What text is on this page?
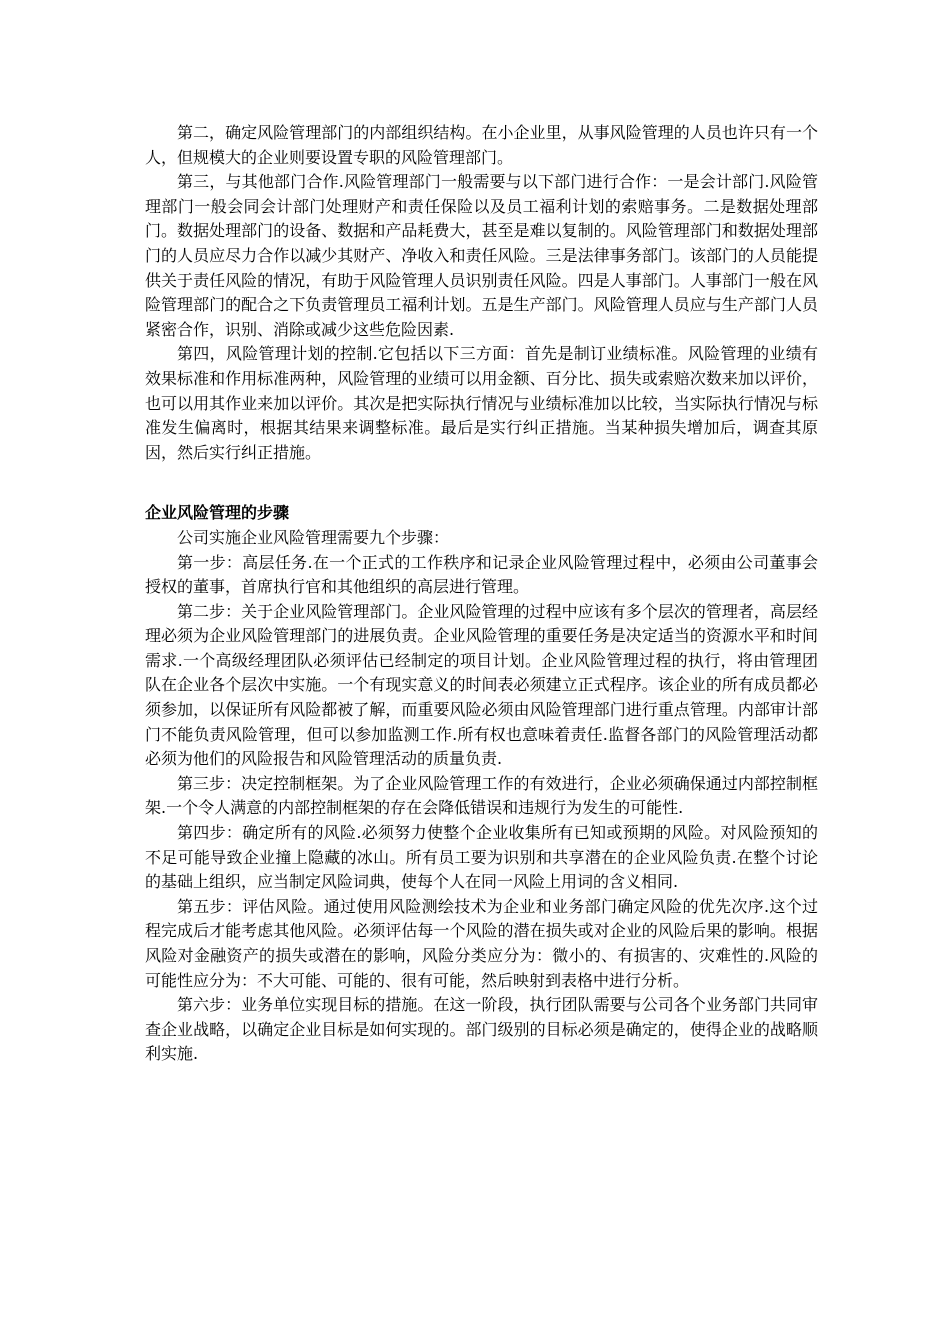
第二，确定风险管理部门的内部组织结构。在小企业里，从事风险管理的人员也许只有一个人，但规模大的企业则要设置专职的风险管理部门。

第三，与其他部门合作.风险管理部门一般需要与以下部门进行合作：一是会计部门.风险管理部门一般会同会计部门处理财产和责任保险以及员工福利计划的索赔事务。二是数据处理部门。数据处理部门的设备、数据和产品耗费大，甚至是难以复制的。风险管理部门和数据处理部门的人员应尽力合作以减少其财产、净收入和责任风险。三是法律事务部门。该部门的人员能提供关于责任风险的情况，有助于风险管理人员识别责任风险。四是人事部门。人事部门一般在风险管理部门的配合之下负责管理员工福利计划。五是生产部门。风险管理人员应与生产部门人员紧密合作，识别、消除或减少这些危险因素.

第四，风险管理计划的控制.它包括以下三方面：首先是制订业绩标准。风险管理的业绩有效果标准和作用标准两种，风险管理的业绩可以用金额、百分比、损失或索赔次数来加以评价，也可以用其作业来加以评价。其次是把实际执行情况与业绩标准加以比较，当实际执行情况与标准发生偏离时，根据其结果来调整标准。最后是实行纠正措施。当某种损失增加后，调查其原因，然后实行纠正措施。

企业风险管理的步骤

公司实施企业风险管理需要九个步骤：

第一步：高层任务.在一个正式的工作秩序和记录企业风险管理过程中，必须由公司董事会授权的董事，首席执行官和其他组织的高层进行管理。

第二步：关于企业风险管理部门。企业风险管理的过程中应该有多个层次的管理者，高层经理必须为企业风险管理部门的进展负责。企业风险管理的重要任务是决定适当的资源水平和时间需求.一个高级经理团队必须评估已经制定的项目计划。企业风险管理过程的执行，将由管理团队在企业各个层次中实施。一个有现实意义的时间表必须建立正式程序。该企业的所有成员都必须参加，以保证所有风险都被了解，而重要风险必须由风险管理部门进行重点管理。内部审计部门不能负责风险管理，但可以参加监测工作.所有权也意味着责任.监督各部门的风险管理活动都必须为他们的风险报告和风险管理活动的质量负责.

第三步：决定控制框架。为了企业风险管理工作的有效进行，企业必须确保通过内部控制框架.一个令人满意的内部控制框架的存在会降低错误和违规行为发生的可能性.

第四步：确定所有的风险.必须努力使整个企业收集所有已知或预期的风险。对风险预知的不足可能导致企业撞上隐藏的冰山。所有员工要为识别和共享潜在的企业风险负责.在整个讨论的基础上组织，应当制定风险词典，使每个人在同一风险上用词的含义相同.

第五步：评估风险。通过使用风险测绘技术为企业和业务部门确定风险的优先次序.这个过程完成后才能考虑其他风险。必须评估每一个风险的潜在损失或对企业的风险后果的影响。根据风险对金融资产的损失或潜在的影响，风险分类应分为：微小的、有损害的、灾难性的.风险的可能性应分为：不大可能、可能的、很有可能，然后映射到表格中进行分析。

第六步：业务单位实现目标的措施。在这一阶段，执行团队需要与公司各个业务部门共同审查企业战略，以确定企业目标是如何实现的。部门级别的目标必须是确定的，使得企业的战略顺利实施.
